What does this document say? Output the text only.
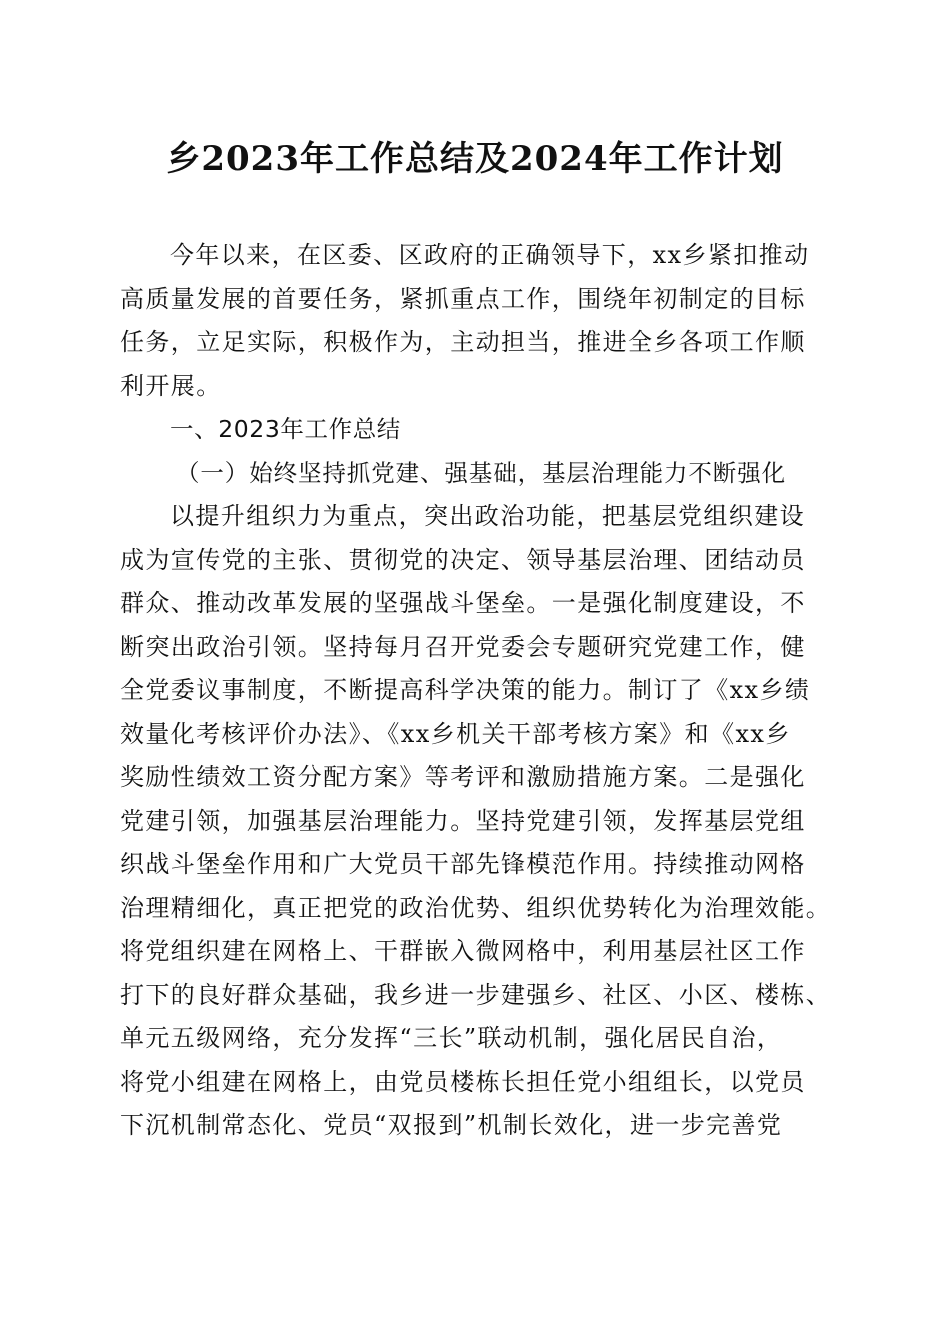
乡2023年工作总结及2024年工作计划
今年以来，在区委、区政府的正确领导下，xx乡紧扣推动
高质量发展的首要任务，紧抓重点工作，围绕年初制定的目标
任务，立足实际，积极作为，主动担当，推进全乡各项工作顺
利开展。
一、2023年工作总结
（一）始终坚持抓党建、强基础，基层治理能力不断强化
以提升组织力为重点，突出政治功能，把基层党组织建设
成为宣传党的主张、贯彻党的决定、领导基层治理、团结动员
群众、推动改革发展的坚强战斗堡垒。一是强化制度建设，不
断突出政治引领。坚持每月召开党委会专题研究党建工作，健
全党委议事制度，不断提高科学决策的能力。制订了《xx乡绩
效量化考核评价办法》、《xx乡机关干部考核方案》和《xx乡
奖励性绩效工资分配方案》等考评和激励措施方案。二是强化
党建引领，加强基层治理能力。坚持党建引领，发挥基层党组
织战斗堡垒作用和广大党员干部先锋模范作用。持续推动网格
治理精细化，真正把党的政治优势、组织优势转化为治理效能。
将党组织建在网格上、干群嵌入微网格中，利用基层社区工作
打下的良好群众基础，我乡进一步建强乡、社区、小区、楼栋、
单元五级网络，充分发挥“三长”联动机制，强化居民自治，
将党小组建在网格上，由党员楼栋长担任党小组组长，以党员
下沉机制常态化、党员“双报到”机制长效化，进一步完善党
